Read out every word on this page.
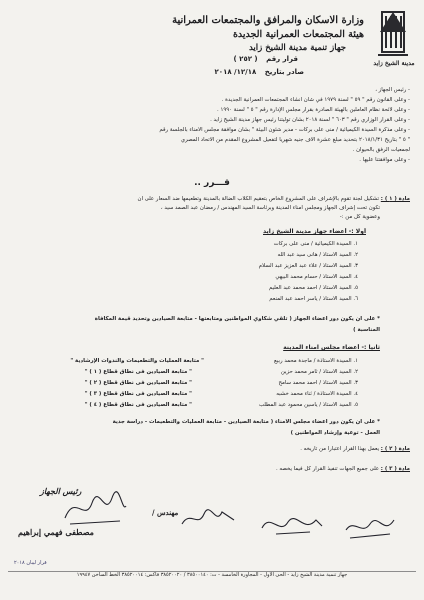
مدينة الشيخ زايد
وزارة الاسكان والمرافق والمجتمعات العمرانية
هيئة المجتمعات العمرانية الجديدة
جهاز تنمية مدينة الشيخ زايد
قرار رقم ( ٢٥٢ )
صادر بتاريخ ١٢/١٨/ ٢٠١٨
- رئيس الجهاز ،
- وعلى القانون رقم " ٥٩ " لسنة ١٩٧٩ في شأن انشاء المجتمعات العمرانية الجديدة .
- وعلى لائحة نظام العاملين بالهيئة الصادرة بقرار مجلس الإدارة رقم " ٥ " لسنة ١٩٩٠ .
- وعلى القرار الوزاري رقم " ٦٠٣ " لسنة ٢٠١٨ بشأن توليتنا رئيس جهاز مدينة الشيخ زايد .
- وعلى مذكرة السيدة الكيميائية / منى على بركات - مدير شئون البيئة " بشأن موافقة مجلس الأمناء بالجلسة رقم
" ٥ " بتاريخ ٢٠١٨/١/٣١ بتحديد مبلغ عشرة الاف جنيه شهريا لتفعيل المشروع المقدم من الاتحاد المصري
لجمعيات الرفق بالحيوان .
- وعلى موافقتنا عليها .
قـــرر ..
مادة ( ١ ) : تشكيل لجنة تقوم بالإشراف على المشروع الخاص بتعقيم الكلاب الضالة بالمدينة وتطعيمها ضد السعار على أن
تكون تحت إشراف الجهاز ومجلس أمناء المدينة وبرئاسة السيد المهندس / رمضان عبد الصمد سيد ،
وعضوية كل من :-
أولا :- أعضاء جهاز مدينة الشيخ زايد
١. السيدة الكيميائية / منى على بركات
٢. السيد الأستاذ / هانى سيد عبد الله
٣. السيد الأستاذ / علاء عبد العزيز عبد السلام
٤. السيد الأستاذ / حسام محمد البيهي
٥. السيد الأستاذ / أحمد محمد عبد العليم
٦. السيد الأستاذ / ياسر أحمد عبد المنعم
* على أن يكون دور أعضاء الجهاز ( تلقي شكاوي المواطنين ومتابعتها - متابعة الصيادين وتحديد قيمة المكافأة
المناسبة )
ثانيا :- أعضاء مجلس امناء المدينة
١. السيدة الأستاذة / ماجدة محمد ربيع
٢. السيد الأستاذ / ثامر محمد حزين
٣. السيد الأستاذ / أحمد محمد سامح
٤. السيدة الأستاذة / ثناء محمد خشبه
٥. السيد الأستاذ / ياسين محمود عبد المطلب
" متابعة العمليات والتطعيمات والندوات الإرشادية "
" متابعة الصيادين فى نطاق قطاع ( ١ ) "
" متابعة الصيادين فى نطاق قطاع ( ٢ ) "
" متابعة الصيادين فى نطاق قطاع ( ٣ ) "
" متابعة الصيادين فى نطاق قطاع ( ٤ ) "
* على أن يكون دور أعضاء مجلس الامناء ( متابعة الصيادين - متابعة العمليات والتطعيمات - دراسة جدية
العمل - توعية وإرشاد المواطنين )
مادة ( ٢ ) : يعمل بهذا القرار اعتبارا من تاريخه .
مادة ( ٣ ) : على جميع الجهات تنفيذ القرار كل فيما يخصه .
رئيس الجهاز
مهندس /
مصطفى فهمي إبراهيم
قرار ليبان ٢٠١٨
جهاز تنمية مدينة الشيخ زايد - الحى الأول - المجاورة الخامسة - ت: ٣٨٥٠٠١٤٠ / ٣٨٥٢٠٠٢٠ فاكس: ٣٨٥٢٠٠١٤ الخط الساخن ١٩٩٤٧
